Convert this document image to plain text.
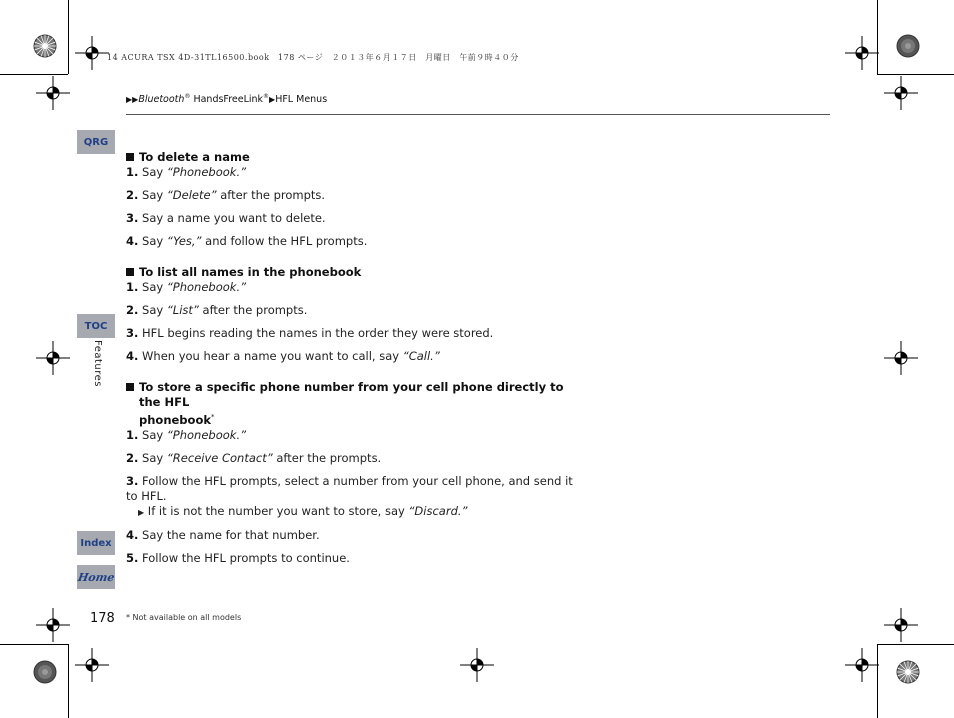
14 ACURA TSX 4D-31TL16500.book　178 ページ　２０１３年６月１７日　月曜日　午前９時４０分
▶▶Bluetooth® HandsFreeLink®▶HFL Menus
QRG
TOC
Index
Home
Features
To delete a name
1. Say “Phonebook.”
2. Say “Delete” after the prompts.
3. Say a name you want to delete.
4. Say “Yes,” and follow the HFL prompts.
To list all names in the phonebook
1. Say “Phonebook.”
2. Say “List” after the prompts.
3. HFL begins reading the names in the order they were stored.
4. When you hear a name you want to call, say “Call.”
To store a specific phone number from your cell phone directly to the HFL
phonebook*
1. Say “Phonebook.”
2. Say “Receive Contact” after the prompts.
3. Follow the HFL prompts, select a number from your cell phone, and send it to HFL.
▶ If it is not the number you want to store, say “Discard.”
4. Say the name for that number.
5. Follow the HFL prompts to continue.
178 * Not available on all models
